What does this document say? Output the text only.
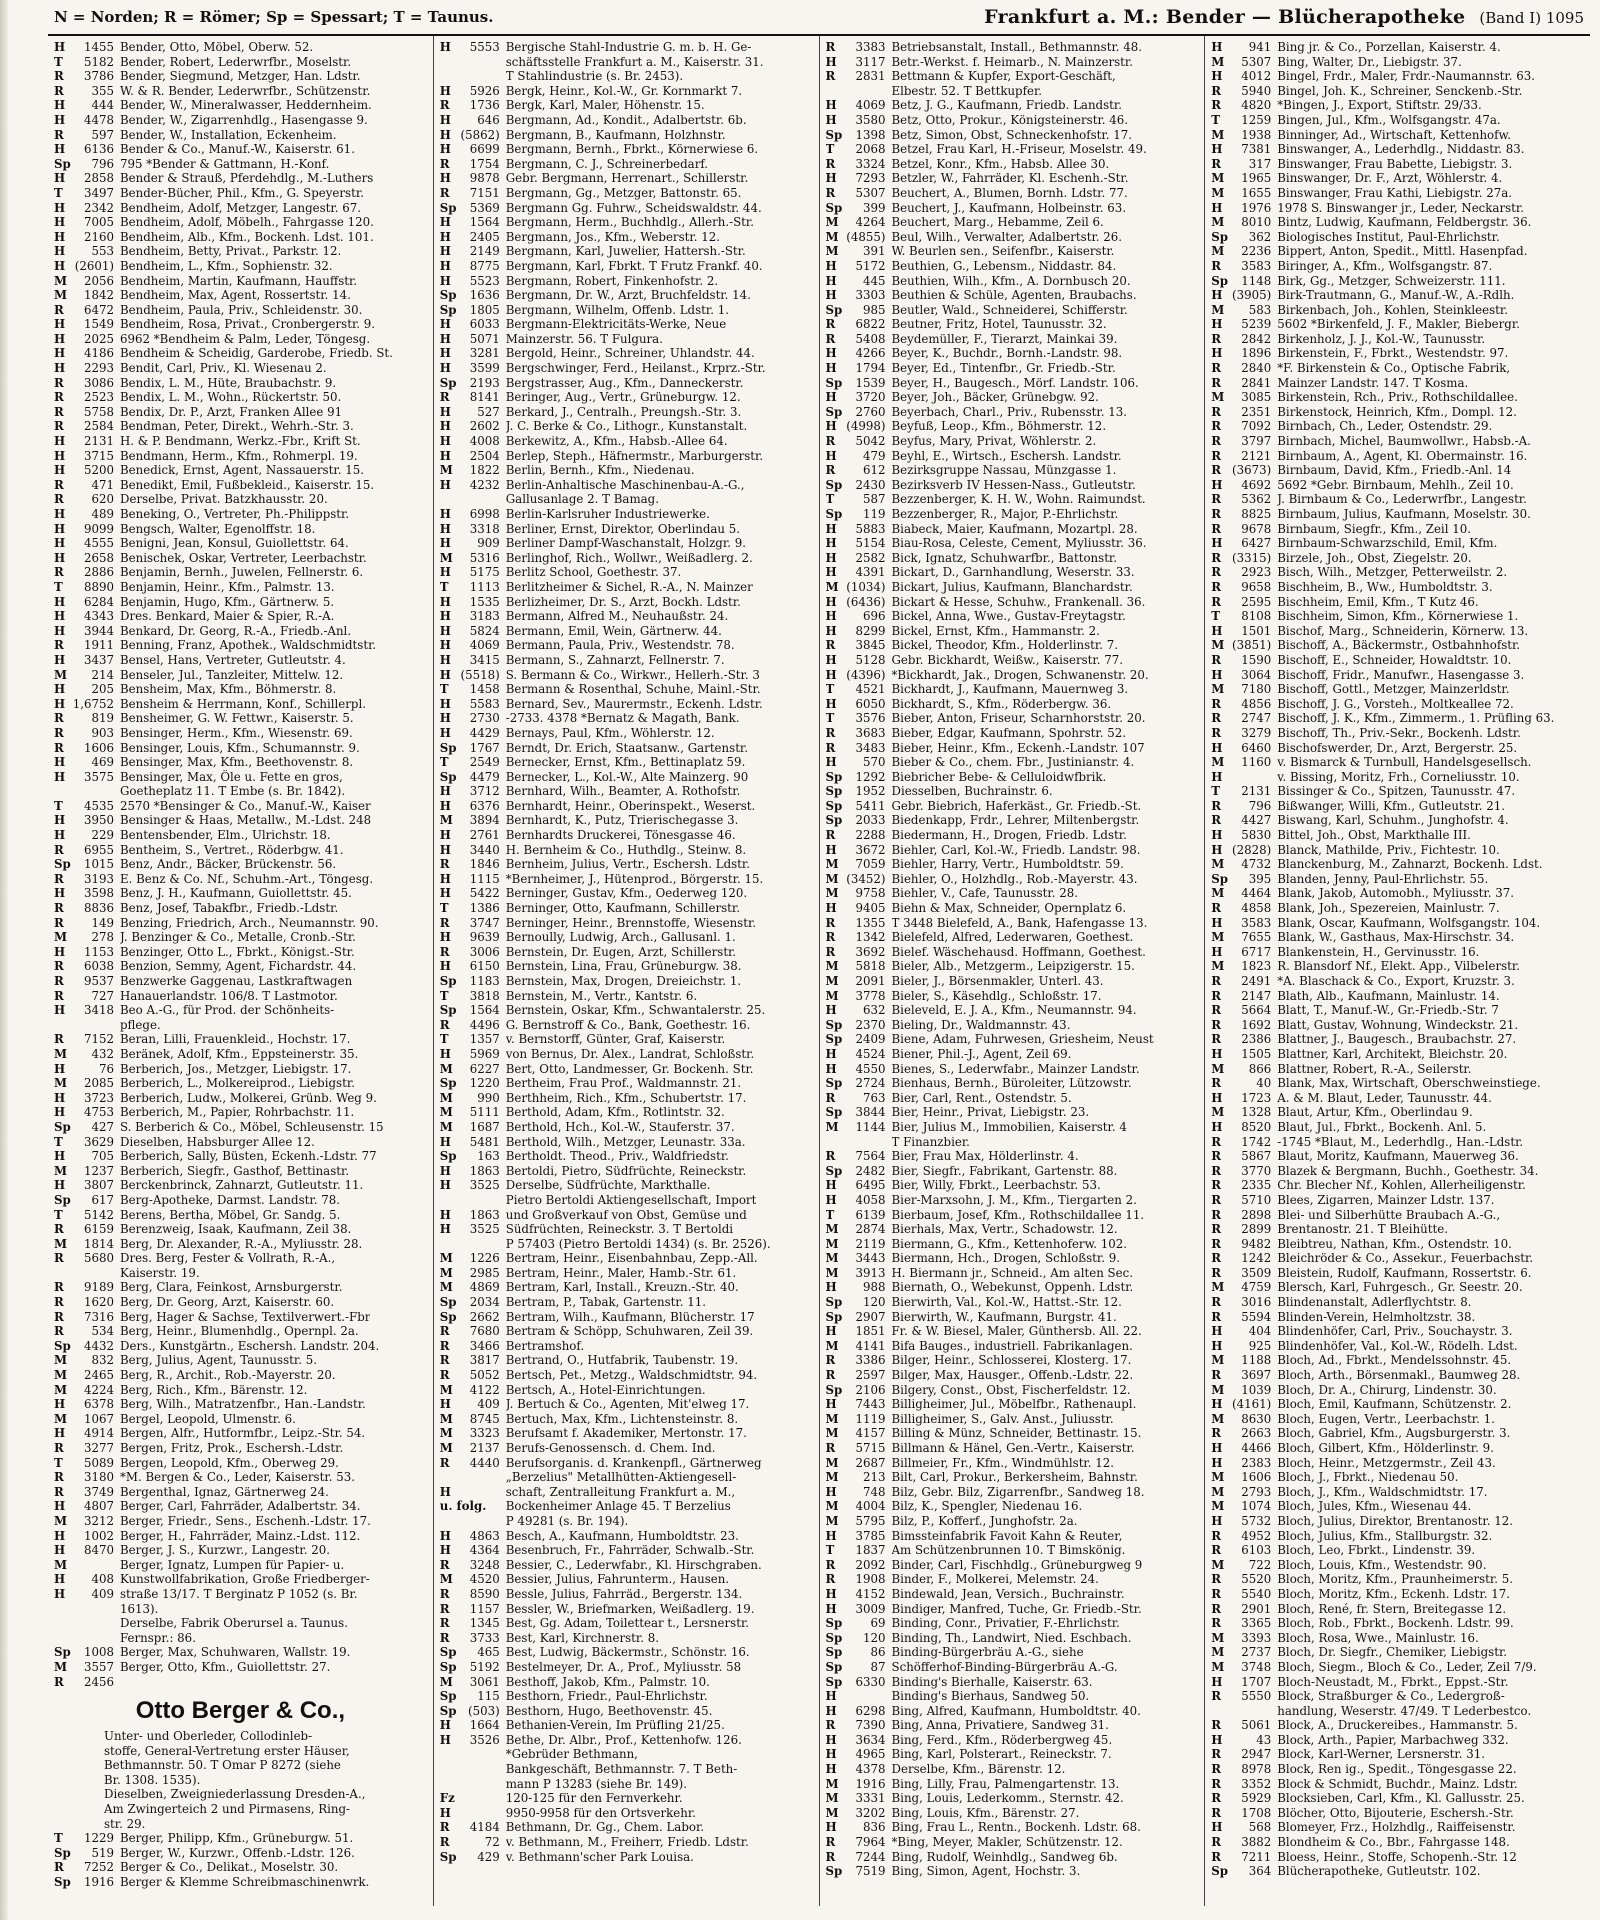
N = Norden; R = Römer; Sp = Spessart; T = Taunus.	Frankfurt a. M.: Bender — Blücherapotheke (Band I) 1095
H	1455 Bender, Otto, Möbel, Oberw. 52.
T	5182 Bender, Robert, Lederwrfbr., Moselstr.
R	3786 Bender, Siegmund, Metzger, Han. Ldstr.
R	355 W. & R. Bender, Lederwrfbr., Schützenstr.
H	444 Bender, W., Mineralwasser, Heddernheim.
H	4478 Bender, W., Zigarrenhdlg., Hasengasse 9.
R	597 Bender, W., Installation, Eckenheim.
H	6136 Bender & Co., Manuf.-W., Kaiserstr. 61.
Sp	796 795 *Bender & Gattmann, H.-Konf.
H	2858 Bender & Strauß, Pferdehdlg., M.-Luthers
T	3497 Bender-Bücher, Phil., Kfm., G. Speyerstr.
H	2342 Bendheim, Adolf, Metzger, Langestr. 67.
H	7005 Bendheim, Adolf, Möbelh., Fahrgasse 120.
H	2160 Bendheim, Alb., Kfm., Bockenh. Ldst. 101.
H	553 Bendheim, Betty, Privat., Parkstr. 12.
H (2601) Bendheim, L., Kfm., Sophienstr. 32.
M	2056 Bendheim, Martin, Kaufmann, Hauffstr.
M	1842 Bendheim, Max, Agent, Rossertstr. 14.
R	6472 Bendheim, Paula, Priv., Schleidenstr. 30.
H	1549 Bendheim, Rosa, Privat., Cronbergerstr. 9.
H	2025 6962 *Bendheim & Palm, Leder, Töngesg.
H	4186 Bendheim & Scheidig, Garderobe, Friedb. St.
H	2293 Bendit, Carl, Priv., Kl. Wiesenau 2.
R	3086 Bendix, L. M., Hüte, Braubachstr. 9.
R	2523 Bendix, L. M., Wohn., Rückertstr. 50.
R	5758 Bendix, Dr. P., Arzt, Franken Allee 91
R	2584 Bendman, Peter, Direkt., Wehrh.-Str. 3.
H	2131 H. & P. Bendmann, Werkz.-Fbr., Krift St.
H	3715 Bendmann, Herm., Kfm., Rohmerpl. 19.
H	5200 Benedick, Ernst, Agent, Nassauerstr. 15.
R	471 Benedikt, Emil, Fußbekleid., Kaiserstr. 15.
R	620 Derselbe, Privat. Batzkhausstr. 20.
H	489 Beneking, O., Vertreter, Ph.-Philippstr.
H	9099 Bengsch, Walter, Egenolffstr. 18.
H	4555 Benigni, Jean, Konsul, Guiollettstr. 64.
H	2658 Benischek, Oskar, Vertreter, Leerbachstr.
R	2886 Benjamin, Bernh., Juwelen, Fellnerstr. 6.
T	8890 Benjamin, Heinr., Kfm., Palmstr. 13.
H	6284 Benjamin, Hugo, Kfm., Gärtnerw. 5.
H	4343 Dres. Benkard, Maier & Spier, R.-A.
H	3944 Benkard, Dr. Georg, R.-A., Friedb.-Anl.
R	1911 Benning, Franz, Apothek., Waldschmidtstr.
H	3437 Bensel, Hans, Vertreter, Gutleutstr. 4.
M	214 Benseler, Jul., Tanzleiter, Mittelw. 12.
H	205 Bensheim, Max, Kfm., Böhmerstr. 8.
H 1,6752 Bensheim & Herrmann, Konf., Schillerpl.
R	819 Bensheimer, G. W. Fettwr., Kaiserstr. 5.
R	903 Bensinger, Herm., Kfm., Wiesenstr. 69.
R	1606 Bensinger, Louis, Kfm., Schumannstr. 9.
H	469 Bensinger, Max, Kfm., Beethovenstr. 8.
H	3575 Bensinger, Max, Öle u. Fette en gros,
Goetheplatz 11. T Embe (s. Br. 1842).
T	4535 2570 *Bensinger & Co., Manuf.-W., Kaiser
H	3950 Bensinger & Haas, Metallw., M.-Ldst. 248
H	229 Bentensbender, Elm., Ulrichstr. 18.
R	6955 Bentheim, S., Vertret., Röderbgw. 41.
Sp	1015 Benz, Andr., Bäcker, Brückenstr. 56.
R	3193 E. Benz & Co. Nf., Schuhm.-Art., Töngesg.
H	3598 Benz, J. H., Kaufmann, Guiollettstr. 45.
R	8836 Benz, Josef, Tabakfbr., Friedb.-Ldstr.
R	149 Benzing, Friedrich, Arch., Neumannstr. 90.
M	278 J. Benzinger & Co., Metalle, Cronb.-Str.
H	1153 Benzinger, Otto L., Fbrkt., Königst.-Str.
R	6038 Benzion, Semmy, Agent, Fichardstr. 44.
R	9537 Benzwerke Gaggenau, Lastkraftwagen
R	727 Hanauerlandstr. 106/8. T Lastmotor.
H	3418 Beo A.-G., für Prod. der Schönheits-
pflege.
R	7152 Beran, Lilli, Frauenkleid., Hochstr. 17.
M	432 Beränek, Adolf, Kfm., Eppsteinerstr. 35.
H	76 Berberich, Jos., Metzger, Liebigstr. 17.
M	2085 Berberich, L., Molkereiprod., Liebigstr.
H	3723 Berberich, Ludw., Molkerei, Grünb. Weg 9.
H	4753 Berberich, M., Papier, Rohrbachstr. 11.
Sp	427 S. Berberich & Co., Möbel, Schleusenstr. 15
T	3629 Dieselben, Habsburger Allee 12.
H	705 Berberich, Sally, Büsten, Eckenh.-Ldstr. 77
M	1237 Berberich, Siegfr., Gasthof, Bettinastr.
H	3807 Berckenbrinck, Zahnarzt, Gutleutstr. 11.
Sp	617 Berg-Apotheke, Darmst. Landstr. 78.
T	5142 Berens, Bertha, Möbel, Gr. Sandg. 5.
R	6159 Berenzweig, Isaak, Kaufmann, Zeil 38.
M	1814 Berg, Dr. Alexander, R.-A., Myliusstr. 28.
R	5680 Dres. Berg, Fester & Vollrath, R.-A.,
Kaiserstr. 19.
R	9189 Berg, Clara, Feinkost, Arnsburgerstr.
R	1620 Berg, Dr. Georg, Arzt, Kaiserstr. 60.
R	7316 Berg, Hager & Sachse, Textilverwert.-Fbr
R	534 Berg, Heinr., Blumenhdlg., Opernpl. 2a.
Sp	4432 Ders., Kunstgärtn., Eschersh. Landstr. 204.
M	832 Berg, Julius, Agent, Taunusstr. 5.
M	2465 Berg, R., Archit., Rob.-Mayerstr. 20.
M	4224 Berg, Rich., Kfm., Bärenstr. 12.
H	6378 Berg, Wilh., Matratzenfbr., Han.-Landstr.
M	1067 Bergel, Leopold, Ulmenstr. 6.
H	4914 Bergen, Alfr., Hutformfbr., Leipz.-Str. 54.
R	3277 Bergen, Fritz, Prok., Eschersh.-Ldstr.
T	5089 Bergen, Leopold, Kfm., Oberweg 29.
R	3180 *M. Bergen & Co., Leder, Kaiserstr. 53.
R	3749 Bergenthal, Ignaz, Gärtnerweg 24.
H	4807 Berger, Carl, Fahrräder, Adalbertstr. 34.
M	3212 Berger, Friedr., Sens., Eschenh.-Ldstr. 17.
H	1002 Berger, H., Fahrräder, Mainz.-Ldst. 112.
H	8470 Berger, J. S., Kurzwr., Langestr. 20.
M	Berger, Ignatz, Lumpen für Papier- u.
H	408 Kunstwollfabrikation, Große Friedberger-
H	409 straße 13/17. T Berginatz P 1052 (s. Br.
1613).
Derselbe, Fabrik Oberursel a. Taunus.
Fernspr.: 86.
Sp	1008 Berger, Max, Schuhwaren, Wallstr. 19.
M	3557 Berger, Otto, Kfm., Guiollettstr. 27.
R	2456
Otto Berger & Co.,
Unter- und Oberleder, Collodinleb-
stoffe, General-Vertretung erster Häuser,
Bethmannstr. 50. T Omar P 8272 (siehe
Br. 1308. 1535).
Dieselben, Zweigniederlassung Dresden-A.,
Am Zwingerteich 2 und Pirmasens, Ring-
str. 29.
T	1229 Berger, Philipp, Kfm., Grüneburgw. 51.
Sp	519 Berger, W., Kurzwr., Offenb.-Ldstr. 126.
R	7252 Berger & Co., Delikat., Moselstr. 30.
Sp	1916 Berger & Klemme Schreibmaschinenwrk.
H	5553 Bergische Stahl-Industrie G. m. b. H. Ge-
schäftsstelle Frankfurt a. M., Kaiserstr. 31.
T Stahlindustrie (s. Br. 2453).
H	5926 Bergk, Heinr., Kol.-W., Gr. Kornmarkt 7.
R	1736 Bergk, Karl, Maler, Höhenstr. 15.
H	646 Bergmann, Ad., Kondit., Adalbertstr. 6b.
H (5862) Bergmann, B., Kaufmann, Holzhnstr.
H	6699 Bergmann, Bernh., Fbrkt., Körnerwiese 6.
R	1754 Bergmann, C. J., Schreinerbedarf.
H	9878 Gebr. Bergmann, Herrenart., Schillerstr.
R	7151 Bergmann, Gg., Metzger, Battonstr. 65.
Sp	5369 Bergmann Gg. Fuhrw., Scheidswaldstr. 44.
H	1564 Bergmann, Herm., Buchhdlg., Allerh.-Str.
H	2405 Bergmann, Jos., Kfm., Weberstr. 12.
H	2149 Bergmann, Karl, Juwelier, Hattersh.-Str.
H	8775 Bergmann, Karl, Fbrkt. T Frutz Frankf. 40.
H	5523 Bergmann, Robert, Finkenhofstr. 2.
Sp	1636 Bergmann, Dr. W., Arzt, Bruchfeldstr. 14.
Sp	1805 Bergmann, Wilhelm, Offenb. Ldstr. 1.
H	6033 Bergmann-Elektricitäts-Werke, Neue
H	5071 Mainzerstr. 56. T Fulgura.
H	3281 Bergold, Heinr., Schreiner, Uhlandstr. 44.
H	3599 Bergschwinger, Ferd., Heilanst., Krprz.-Str.
Sp	2193 Bergstrasser, Aug., Kfm., Danneckerstr.
R	8141 Beringer, Aug., Vertr., Grüneburgw. 12.
H	527 Berkard, J., Centralh., Preungsh.-Str. 3.
H	2602 J. C. Berke & Co., Lithogr., Kunstanstalt.
H	4008 Berkewitz, A., Kfm., Habsb.-Allee 64.
H	2504 Berlep, Steph., Häfnermstr., Marburgerstr.
M	1822 Berlin, Bernh., Kfm., Niedenau.
H	4232 Berlin-Anhaltische Maschinenbau-A.-G.,
Gallusanlage 2. T Bamag.
H	6998 Berlin-Karlsruher Industriewerke.
H	3318 Berliner, Ernst, Direktor, Oberlindau 5.
H	909 Berliner Dampf-Waschanstalt, Holzgr. 9.
M	5316 Berlinghof, Rich., Wollwr., Weißadlerg. 2.
H	5175 Berlitz School, Goethestr. 37.
T	1113 Berlitzheimer & Sichel, R.-A., N. Mainzer
H	1535 Berlizheimer, Dr. S., Arzt, Bockh. Ldstr.
H	3183 Bermann, Alfred M., Neuhaußstr. 24.
H	5824 Bermann, Emil, Wein, Gärtnerw. 44.
H	4069 Bermann, Paula, Priv., Westendstr. 78.
H	3415 Bermann, S., Zahnarzt, Fellnerstr. 7.
H (5518) S. Bermann & Co., Wirkwr., Hellerh.-Str. 3
T	1458 Bermann & Rosenthal, Schuhe, Mainl.-Str.
H	5583 Bernard, Sev., Maurermstr., Eckenh. Ldstr.
H	2730 -2733. 4378 *Bernatz & Magath, Bank.
H	4429 Bernays, Paul, Kfm., Wöhlerstr. 12.
Sp	1767 Berndt, Dr. Erich, Staatsanw., Gartenstr.
T	2549 Bernecker, Ernst, Kfm., Bettinaplatz 59.
Sp	4479 Bernecker, L., Kol.-W., Alte Mainzerg. 90
H	3712 Bernhard, Wilh., Beamter, A. Rothofstr.
H	6376 Bernhardt, Heinr., Oberinspekt., Weserst.
M	3894 Bernhardt, K., Putz, Trierischegasse 3.
H	2761 Bernhardts Druckerei, Tönesgasse 46.
H	3440 H. Bernheim & Co., Huthdlg., Steinw. 8.
R	1846 Bernheim, Julius, Vertr., Eschersh. Ldstr.
H	1115 *Bernheimer, J., Hütenprod., Börgerstr. 15.
H	5422 Berninger, Gustav, Kfm., Oederweg 120.
T	1386 Berninger, Otto, Kaufmann, Schillerstr.
R	3747 Berninger, Heinr., Brennstoffe, Wiesenstr.
H	9639 Bernoully, Ludwig, Arch., Gallusanl. 1.
R	3006 Bernstein, Dr. Eugen, Arzt, Schillerstr.
H	6150 Bernstein, Lina, Frau, Grüneburgw. 38.
Sp	1183 Bernstein, Max, Drogen, Dreieichstr. 1.
T	3818 Bernstein, M., Vertr., Kantstr. 6.
Sp	1564 Bernstein, Oskar, Kfm., Schwantalerstr. 25.
R	4496 G. Bernstroff & Co., Bank, Goethestr. 16.
T	1357 v. Bernstorff, Günter, Graf, Kaiserstr.
H	5969 von Bernus, Dr. Alex., Landrat, Schloßstr.
M	6227 Bert, Otto, Landmesser, Gr. Bockenh. Str.
Sp	1220 Bertheim, Frau Prof., Waldmannstr. 21.
M	990 Berthheim, Rich., Kfm., Schubertstr. 17.
M	5111 Berthold, Adam, Kfm., Rotlintstr. 32.
M	1687 Berthold, Hch., Kol.-W., Stauferstr. 37.
H	5481 Berthold, Wilh., Metzger, Leunastr. 33a.
Sp	163 Bertholdt. Theod., Priv., Waldfriedstr.
H	1863 Bertoldi, Pietro, Südfrüchte, Reineckstr.
H	3525 Derselbe, Südfrüchte, Markthalle.
Pietro Bertoldi Aktiengesellschaft, Import
H	1863 und Großverkauf von Obst, Gemüse und
H	3525 Südfrüchten, Reineckstr. 3. T Bertoldi
P 57403 (Pietro Bertoldi 1434) (s. Br. 2526).
M	1226 Bertram, Heinr., Eisenbahnbau, Zepp.-All.
M	2985 Bertram, Heinr., Maler, Hamb.-Str. 61.
M	4869 Bertram, Karl, Install., Kreuzn.-Str. 40.
Sp	2034 Bertram, P., Tabak, Gartenstr. 11.
Sp	2662 Bertram, Wilh., Kaufmann, Blücherstr. 17
R	7680 Bertram & Schöpp, Schuhwaren, Zeil 39.
R	3466 Bertramshof.
R	3817 Bertrand, O., Hutfabrik, Taubenstr. 19.
R	5052 Bertsch, Pet., Metzg., Waldschmidtstr. 94.
M	4122 Bertsch, A., Hotel-Einrichtungen.
H	409 J. Bertuch & Co., Agenten, Mit'elweg 17.
M	8745 Bertuch, Max, Kfm., Lichtensteinstr. 8.
M	3323 Berufsamt f. Akademiker, Mertonstr. 17.
M	2137 Berufs-Genossensch. d. Chem. Ind.
R	4440 Berufsorganis. d. Krankenpfl., Gärtnerweg
„Berzelius" Metallhütten-Aktiengesell-
H	schaft, Zentralleitung Frankfurt a. M.,
u. folg. Bockenheimer Anlage 45. T Berzelius
P 49281 (s. Br. 194).
H	4863 Besch, A., Kaufmann, Humboldtstr. 23.
H	4364 Besenbruch, Fr., Fahrräder, Schwalb.-Str.
R	3248 Bessier, C., Lederwfabr., Kl. Hirschgraben.
M	4520 Bessier, Julius, Fahrunterm., Hausen.
R	8590 Bessle, Julius, Fahrräd., Bergerstr. 134.
R	1157 Bessler, W., Briefmarken, Weißadlerg. 19.
R	1345 Best, Gg. Adam, Toilettear t., Lersnerstr.
R	3733 Best, Karl, Kirchnerstr. 8.
Sp	465 Best, Ludwig, Bäckermstr., Schönstr. 16.
Sp	5192 Bestelmeyer, Dr. A., Prof., Myliusstr. 58
M	3061 Besthoff, Jakob, Kfm., Palmstr. 10.
Sp	115 Besthorn, Friedr., Paul-Ehrlichstr.
Sp (503) Besthorn, Hugo, Beethovenstr. 45.
H	1664 Bethanien-Verein, Im Prüfling 21/25.
H	3526 Bethe, Dr. Albr., Prof., Kettenhofw. 126.
*Gebrüder Bethmann,
Bankgeschäft, Bethmannstr. 7. T Beth-
mann P 13283 (siehe Br. 149).
Fz	120-125 für den Fernverkehr.
H	9950-9958 für den Ortsverkehr.
R	4184 Bethmann, Dr. Gg., Chem. Labor.
R	72 v. Bethmann, M., Freiherr, Friedb. Ldstr.
Sp	429 v. Bethmann'scher Park Louisa.
R	3383 Betriebsanstalt, Install., Bethmannstr. 48.
H	3117 Betr.-Werkst. f. Heimarb., N. Mainzerstr.
R	2831 Bettmann & Kupfer, Export-Geschäft,
Elbestr. 52. T Bettkupfer.
H	4069 Betz, J. G., Kaufmann, Friedb. Landstr.
H	3580 Betz, Otto, Prokur., Königsteinerstr. 46.
Sp	1398 Betz, Simon, Obst, Schneckenhofstr. 17.
T	2068 Betzel, Frau Karl, H.-Friseur, Moselstr. 49.
R	3324 Betzel, Konr., Kfm., Habsb. Allee 30.
H	7293 Betzler, W., Fahrräder, Kl. Eschenh.-Str.
R	5307 Beuchert, A., Blumen, Bornh. Ldstr. 77.
Sp	399 Beuchert, J., Kaufmann, Holbeinstr. 63.
M	4264 Beuchert, Marg., Hebamme, Zeil 6.
M (4855) Beul, Wilh., Verwalter, Adalbertstr. 26.
M	391 W. Beurlen sen., Seifenfbr., Kaiserstr.
H	5172 Beuthien, G., Lebensm., Niddastr. 84.
H	445 Beuthien, Wilh., Kfm., A. Dornbusch 20.
H	3303 Beuthien & Schüle, Agenten, Braubachs.
Sp	985 Beutler, Wald., Schneiderei, Schifferstr.
R	6822 Beutner, Fritz, Hotel, Taunusstr. 32.
R	5408 Beydemüller, F., Tierarzt, Mainkai 39.
H	4266 Beyer, K., Buchdr., Bornh.-Landstr. 98.
H	1794 Beyer, Ed., Tintenfbr., Gr. Friedb.-Str.
Sp	1539 Beyer, H., Baugesch., Mörf. Landstr. 106.
H	3720 Beyer, Joh., Bäcker, Grünebgw. 92.
Sp	2760 Beyerbach, Charl., Priv., Rubensstr. 13.
H (4998) Beyfuß, Leop., Kfm., Böhmerstr. 12.
R	5042 Beyfus, Mary, Privat, Wöhlerstr. 2.
H	479 Beyhl, E., Wirtsch., Eschersh. Landstr.
R	612 Bezirksgruppe Nassau, Münzgasse 1.
Sp	2430 Bezirksverb IV Hessen-Nass., Gutleutstr.
T	587 Bezzenberger, K. H. W., Wohn. Raimundst.
Sp	119 Bezzenberger, R., Major, P.-Ehrlichstr.
H	5883 Biabeck, Maier, Kaufmann, Mozartpl. 28.
H	5154 Biau-Rosa, Celeste, Cement, Myliusstr. 36.
H	2582 Bick, Ignatz, Schuhwarfbr., Battonstr.
H	4391 Bickart, D., Garnhandlung, Weserstr. 33.
M (1034) Bickart, Julius, Kaufmann, Blanchardstr.
H (6436) Bickart & Hesse, Schuhw., Frankenall. 36.
H	696 Bickel, Anna, Wwe., Gustav-Freytagstr.
H	8299 Bickel, Ernst, Kfm., Hammanstr. 2.
R	3845 Bickel, Theodor, Kfm., Holderlinstr. 7.
H	5128 Gebr. Bickhardt, Weißw., Kaiserstr. 77.
H (4396) *Bickhardt, Jak., Drogen, Schwanenstr. 20.
T	4521 Bickhardt, J., Kaufmann, Mauernweg 3.
H	6050 Bickhardt, S., Kfm., Röderbergw. 36.
T	3576 Bieber, Anton, Friseur, Scharnhorststr. 20.
R	3683 Bieber, Edgar, Kaufmann, Spohrstr. 52.
R	3483 Bieber, Heinr., Kfm., Eckenh.-Landstr. 107
H	570 Bieber & Co., chem. Fbr., Justinianstr. 4.
Sp	1292 Biebricher Bebe- & Celluloidwfbrik.
Sp	1952 Diesselben, Buchrainstr. 6.
Sp	5411 Gebr. Biebrich, Haferkäst., Gr. Friedb.-St.
Sp	2033 Biedenkapp, Frdr., Lehrer, Miltenbergstr.
R	2288 Biedermann, H., Drogen, Friedb. Ldstr.
H	3672 Biehler, Carl, Kol.-W., Friedb. Landstr. 98.
M	7059 Biehler, Harry, Vertr., Humboldtstr. 59.
M (3452) Biehler, O., Holzhdlg., Rob.-Mayerstr. 43.
M	9758 Biehler, V., Cafe, Taunusstr. 28.
H	9405 Biehn & Max, Schneider, Opernplatz 6.
R	1355 T 3448 Bielefeld, A., Bank, Hafengasse 13.
R	1342 Bielefeld, Alfred, Lederwaren, Goethest.
R	3692 Bielef. Wäschehausd. Hoffmann, Goethest.
M	5818 Bieler, Alb., Metzgerm., Leipzigerstr. 15.
M	2091 Bieler, J., Börsenmakler, Unterl. 43.
M	3778 Bieler, S., Käsehdlg., Schloßstr. 17.
H	632 Bieleveld, E. J. A., Kfm., Neumannstr. 94.
Sp	2370 Bieling, Dr., Waldmannstr. 43.
Sp	2409 Biene, Adam, Fuhrwesen, Griesheim, Neust
H	4524 Biener, Phil.-J., Agent, Zeil 69.
H	4550 Bienes, S., Lederwfabr., Mainzer Landstr.
Sp	2724 Bienhaus, Bernh., Büroleiter, Lützowstr.
R	763 Bier, Carl, Rent., Ostendstr. 5.
Sp	3844 Bier, Heinr., Privat, Liebigstr. 23.
M	1144 Bier, Julius M., Immobilien, Kaiserstr. 4
T Finanzbier.
R	7564 Bier, Frau Max, Hölderlinstr. 4.
Sp	2482 Bier, Siegfr., Fabrikant, Gartenstr. 88.
H	6495 Bier, Willy, Fbrkt., Leerbachstr. 53.
H	4058 Bier-Marxsohn, J. M., Kfm., Tiergarten 2.
T	6139 Bierbaum, Josef, Kfm., Rothschildallee 11.
M	2874 Bierhals, Max, Vertr., Schadowstr. 12.
M	2119 Biermann, G., Kfm., Kettenhoferw. 102.
M	3443 Biermann, Hch., Drogen, Schloßstr. 9.
M	3913 H. Biermann jr., Schneid., Am alten Sec.
H	988 Biernath, O., Webekunst, Oppenh. Ldstr.
Sp	120 Bierwirth, Val., Kol.-W., Hattst.-Str. 12.
Sp	2907 Bierwirth, W., Kaufmann, Burgstr. 41.
H	1851 Fr. & W. Biesel, Maler, Günthersb. All. 22.
M	4141 Bifa Bauges., industriell. Fabrikanlagen.
R	3386 Bilger, Heinr., Schlosserei, Klosterg. 17.
R	2597 Bilger, Max, Hausger., Offenb.-Ldstr. 22.
Sp	2106 Bilgery, Const., Obst, Fischerfeldstr. 12.
H	7443 Billigheimer, Jul., Möbelfbr., Rathenaupl.
M	1119 Billigheimer, S., Galv. Anst., Juliusstr.
M	4157 Billing & Münz, Schneider, Bettinastr. 15.
R	5715 Billmann & Hänel, Gen.-Vertr., Kaiserstr.
M	2687 Billmeier, Fr., Kfm., Windmühlstr. 12.
M	213 Bilt, Carl, Prokur., Berkersheim, Bahnstr.
H	748 Bilz, Gebr. Bilz, Zigarrenfbr., Sandweg 18.
M	4004 Bilz, K., Spengler, Niedenau 16.
M	5795 Bilz, P., Kofferf., Junghofstr. 2a.
H	3785 Bimssteinfabrik Favoit Kahn & Reuter,
T	1837 Am Schützenbrunnen 10. T Bimskönig.
R	2092 Binder, Carl, Fischhdlg., Grüneburgweg 9
R	1908 Binder, F., Molkerei, Melemstr. 24.
H	4152 Bindewald, Jean, Versich., Buchrainstr.
H	3009 Bindiger, Manfred, Tuche, Gr. Friedb.-Str.
Sp	69 Binding, Conr., Privatier, F.-Ehrlichstr.
Sp	120 Binding, Th., Landwirt, Nied. Eschbach.
Sp	86 Binding-Bürgerbräu A.-G., siehe
Sp	87 Schöfferhof-Binding-Bürgerbräu A.-G.
Sp	6330 Binding's Bierhalle, Kaiserstr. 63.
H	Binding's Bierhaus, Sandweg 50.
H	6298 Bing, Alfred, Kaufmann, Humboldtstr. 40.
R	7390 Bing, Anna, Privatiere, Sandweg 31.
H	3634 Bing, Ferd., Kfm., Röderbergweg 45.
H	4965 Bing, Karl, Polsterart., Reineckstr. 7.
H	4378 Derselbe, Kfm., Bärenstr. 12.
M	1916 Bing, Lilly, Frau, Palmengartenstr. 13.
M	3331 Bing, Louis, Lederkomm., Sternstr. 42.
M	3202 Bing, Louis, Kfm., Bärenstr. 27.
H	836 Bing, Frau L., Rentn., Bockenh. Ldstr. 68.
R	7964 *Bing, Meyer, Makler, Schützenstr. 12.
R	7244 Bing, Rudolf, Weinhdlg., Sandweg 6b.
Sp	7519 Bing, Simon, Agent, Hochstr. 3.
H	941 Bing jr. & Co., Porzellan, Kaiserstr. 4.
M	5307 Bing, Walter, Dr., Liebigstr. 37.
H	4012 Bingel, Frdr., Maler, Frdr.-Naumannstr. 63.
R	5940 Bingel, Joh. K., Schreiner, Senckenb.-Str.
R	4820 *Bingen, J., Export, Stiftstr. 29/33.
T	1259 Bingen, Jul., Kfm., Wolfsgangstr. 47a.
M	1938 Binninger, Ad., Wirtschaft, Kettenhofw.
H	7381 Binswanger, A., Lederhdlg., Niddastr. 83.
R	317 Binswanger, Frau Babette, Liebigstr. 3.
M	1965 Binswanger, Dr. F., Arzt, Wöhlerstr. 4.
M	1655 Binswanger, Frau Kathi, Liebigstr. 27a.
H	1976 1978 S. Binswanger jr., Leder, Neckarstr.
M	8010 Bintz, Ludwig, Kaufmann, Feldbergstr. 36.
Sp	362 Biologisches Institut, Paul-Ehrlichstr.
M	2236 Bippert, Anton, Spedit., Mittl. Hasenpfad.
R	3583 Biringer, A., Kfm., Wolfsgangstr. 87.
Sp	1148 Birk, Gg., Metzger, Schweizerstr. 111.
H (3905) Birk-Trautmann, G., Manuf.-W., A.-Rdlh.
M	583 Birkenbach, Joh., Kohlen, Steinkleestr.
H	5239 5602 *Birkenfeld, J. F., Makler, Biebergr.
R	2842 Birkenholz, J. J., Kol.-W., Taunusstr.
H	1896 Birkenstein, F., Fbrkt., Westendstr. 97.
R	2840 *F. Birkenstein & Co., Optische Fabrik,
R	2841 Mainzer Landstr. 147. T Kosma.
M	3085 Birkenstein, Rch., Priv., Rothschildallee.
R	2351 Birkenstock, Heinrich, Kfm., Dompl. 12.
R	7092 Birnbach, Ch., Leder, Ostendstr. 29.
R	3797 Birnbach, Michel, Baumwollwr., Habsb.-A.
R	2121 Birnbaum, A., Agent, Kl. Obermainstr. 16.
R (3673) Birnbaum, David, Kfm., Friedb.-Anl. 14
H	4692 5692 *Gebr. Birnbaum, Mehlh., Zeil 10.
R	5362 J. Birnbaum & Co., Lederwrfbr., Langestr.
R	8825 Birnbaum, Julius, Kaufmann, Moselstr. 30.
R	9678 Birnbaum, Siegfr., Kfm., Zeil 10.
H	6427 Birnbaum-Schwarzschild, Emil, Kfm.
R (3315) Birzele, Joh., Obst, Ziegelstr. 20.
R	2923 Bisch, Wilh., Metzger, Petterweilstr. 2.
R	9658 Bischheim, B., Ww., Humboldtstr. 3.
R	2595 Bischheim, Emil, Kfm., T Kutz 46.
T	8108 Bischheim, Simon, Kfm., Körnerwiese 1.
H	1501 Bischof, Marg., Schneiderin, Körnerw. 13.
M (3851) Bischoff, A., Bäckermstr., Ostbahnhofstr.
R	1590 Bischoff, E., Schneider, Howaldtstr. 10.
H	3064 Bischoff, Fridr., Manufwr., Hasengasse 3.
M	7180 Bischoff, Gottl., Metzger, Mainzerldstr.
R	4856 Bischoff, J. G., Vorsteh., Moltkeallee 72.
R	2747 Bischoff, J. K., Kfm., Zimmerm., 1. Prüfling 63.
R	3279 Bischoff, Th., Priv.-Sekr., Bockenh. Ldstr.
H	6460 Bischofswerder, Dr., Arzt, Bergerstr. 25.
M	1160 v. Bismarck & Turnbull, Handelsgesellsch.
H	v. Bissing, Moritz, Frh., Corneliusstr. 10.
T	2131 Bissinger & Co., Spitzen, Taunusstr. 47.
R	796 Bißwanger, Willi, Kfm., Gutleutstr. 21.
R	4427 Biswang, Karl, Schuhm., Junghofstr. 4.
H	5830 Bittel, Joh., Obst, Markthalle III.
H (2828) Blanck, Mathilde, Priv., Fichtestr. 10.
M	4732 Blanckenburg, M., Zahnarzt, Bockenh. Ldst.
Sp	395 Blanden, Jenny, Paul-Ehrlichstr. 55.
M	4464 Blank, Jakob, Automobh., Myliusstr. 37.
R	4858 Blank, Joh., Spezereien, Mainlustr. 7.
H	3583 Blank, Oscar, Kaufmann, Wolfsgangstr. 104.
M	7655 Blank, W., Gasthaus, Max-Hirschstr. 34.
H	6717 Blankenstein, H., Gervinusstr. 16.
M	1823 R. Blansdorf Nf., Elekt. App., Vilbelerstr.
R	2491 *A. Blaschack & Co., Export, Kruzstr. 3.
R	2147 Blath, Alb., Kaufmann, Mainlustr. 14.
R	5664 Blatt, T., Manuf.-W., Gr.-Friedb.-Str. 7
R	1692 Blatt, Gustav, Wohnung, Windeckstr. 21.
R	2386 Blattner, J., Baugesch., Braubachstr. 27.
H	1505 Blattner, Karl, Architekt, Bleichstr. 20.
M	866 Blattner, Robert, R.-A., Seilerstr.
R	40 Blank, Max, Wirtschaft, Oberschweinstiege.
H	1723 A. & M. Blaut, Leder, Taunusstr. 44.
M	1328 Blaut, Artur, Kfm., Oberlindau 9.
H	8520 Blaut, Jul., Fbrkt., Bockenh. Anl. 5.
R	1742 -1745 *Blaut, M., Lederhdlg., Han.-Ldstr.
R	5867 Blaut, Moritz, Kaufmann, Mauerweg 36.
R	3770 Blazek & Bergmann, Buchh., Goethestr. 34.
R	2335 Chr. Blecher Nf., Kohlen, Allerheiligenstr.
R	5710 Blees, Zigarren, Mainzer Ldstr. 137.
R	2898 Blei- und Silberhütte Braubach A.-G.,
R	2899 Brentanostr. 21. T Bleihütte.
R	9482 Bleibtreu, Nathan, Kfm., Ostendstr. 10.
R	1242 Bleichröder & Co., Assekur., Feuerbachstr.
R	3509 Bleistein, Rudolf, Kaufmann, Rossertstr. 6.
M	4759 Blersch, Karl, Fuhrgesch., Gr. Seestr. 20.
R	3016 Blindenanstalt, Adlerflychtstr. 8.
R	5594 Blinden-Verein, Helmholtzstr. 38.
H	404 Blindenhöfer, Carl, Priv., Souchaystr. 3.
H	925 Blindenhöfer, Val., Kol.-W., Rödelh. Ldst.
M	1188 Bloch, Ad., Fbrkt., Mendelssohnstr. 45.
R	3697 Bloch, Arth., Börsenmakl., Baumweg 28.
M	1039 Bloch, Dr. A., Chirurg, Lindenstr. 30.
H (4161) Bloch, Emil, Kaufmann, Schützenstr. 2.
M	8630 Bloch, Eugen, Vertr., Leerbachstr. 1.
R	2663 Bloch, Gabriel, Kfm., Augsburgerstr. 3.
H	4466 Bloch, Gilbert, Kfm., Hölderlinstr. 9.
H	2383 Bloch, Heinr., Metzgermstr., Zeil 43.
M	1606 Bloch, J., Fbrkt., Niedenau 50.
M	2793 Bloch, J., Kfm., Waldschmidtstr. 17.
M	1074 Bloch, Jules, Kfm., Wiesenau 44.
H	5732 Bloch, Julius, Direktor, Brentanostr. 12.
R	4952 Bloch, Julius, Kfm., Stallburgstr. 32.
R	6103 Bloch, Leo, Fbrkt., Lindenstr. 39.
M	722 Bloch, Louis, Kfm., Westendstr. 90.
R	5520 Bloch, Moritz, Kfm., Praunheimerstr. 5.
R	5540 Bloch, Moritz, Kfm., Eckenh. Ldstr. 17.
R	2901 Bloch, René, fr. Stern, Breitegasse 12.
R	3365 Bloch, Rob., Fbrkt., Bockenh. Ldstr. 99.
M	3393 Bloch, Rosa, Wwe., Mainlustr. 16.
M	2737 Bloch, Dr. Siegfr., Chemiker, Liebigstr.
M	3748 Bloch, Siegm., Bloch & Co., Leder, Zeil 7/9.
H	1707 Bloch-Neustadt, M., Fbrkt., Eppst.-Str.
R	5550 Block, Straßburger & Co., Ledergroß-
handlung, Weserstr. 47/49. T Lederbestco.
R	5061 Block, A., Druckereibes., Hammanstr. 5.
H	43 Block, Arth., Papier, Marbachweg 332.
R	2947 Block, Karl-Werner, Lersnerstr. 31.
R	8978 Block, Ren ig., Spedit., Töngesgasse 22.
R	3352 Block & Schmidt, Buchdr., Mainz. Ldstr.
R	5929 Blocksieben, Carl, Kfm., Kl. Gallusstr. 25.
R	1708 Blöcher, Otto, Bijouterie, Eschersh.-Str.
H	568 Blomeyer, Frz., Holzhdlg., Raiffeisenstr.
R	3882 Blondheim & Co., Bbr., Fahrgasse 148.
R	7211 Bloess, Heinr., Stoffe, Schopenh.-Str. 12
Sp	364 Blücherapotheke, Gutleutstr. 102.
